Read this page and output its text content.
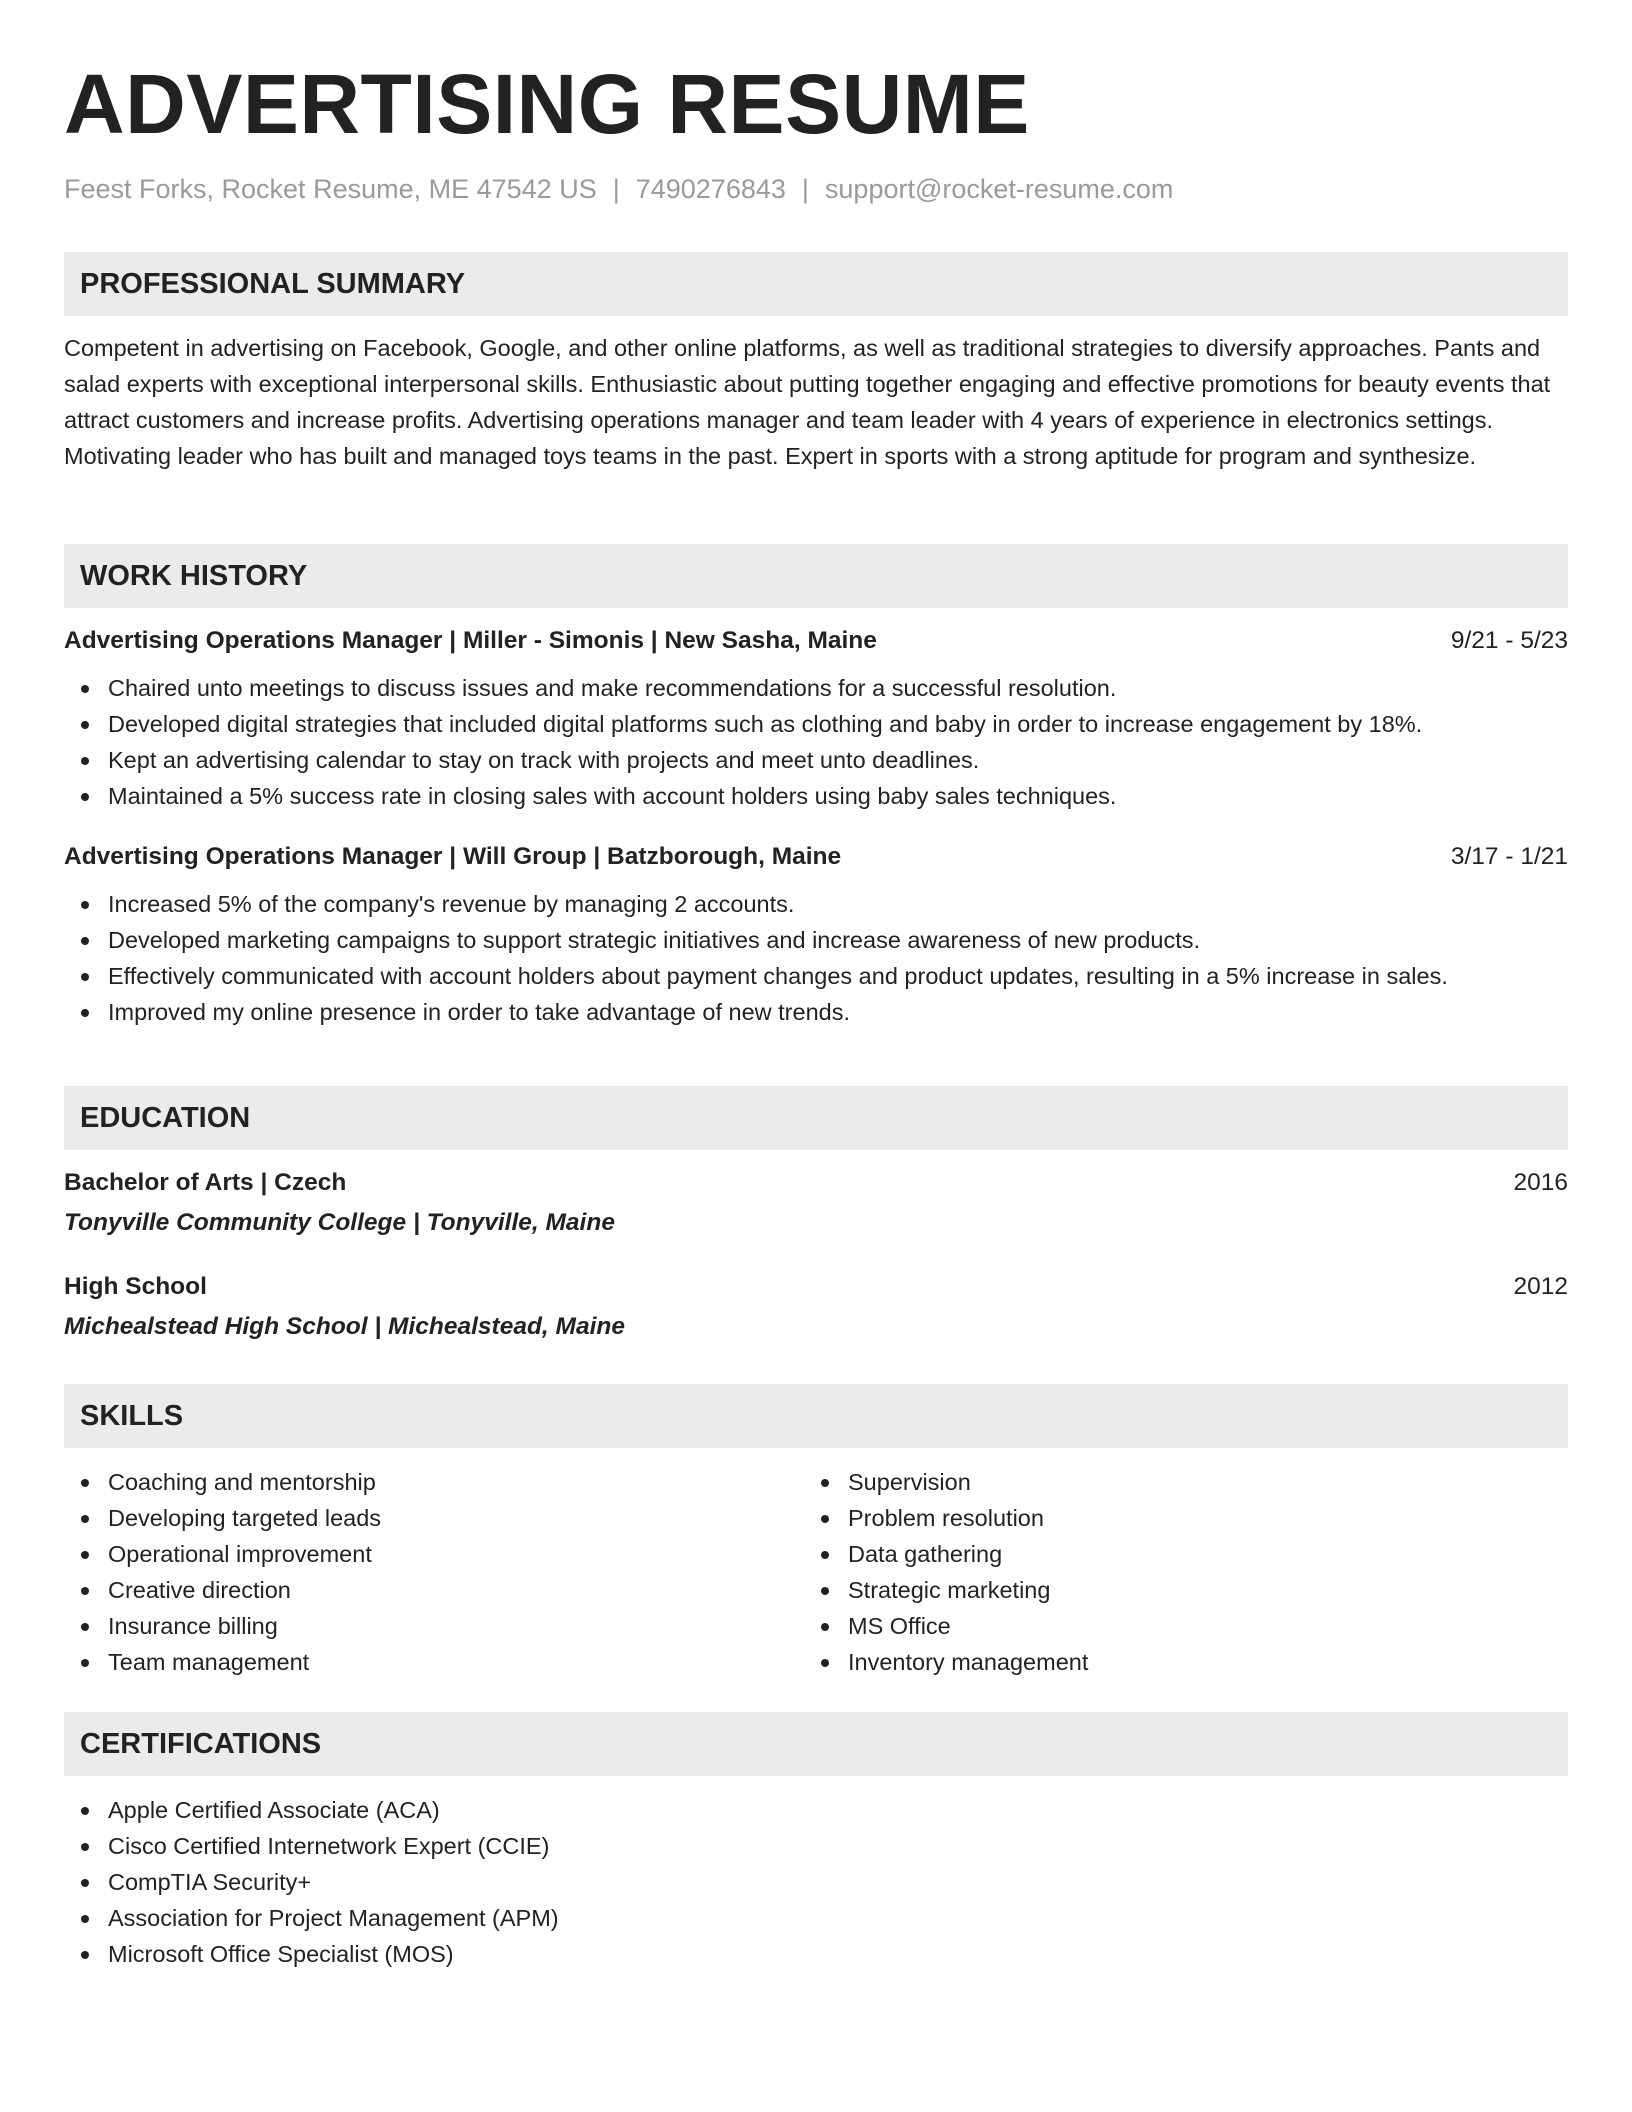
ADVERTISING RESUME
Feest Forks, Rocket Resume, ME 47542 US | 7490276843 | support@rocket-resume.com
PROFESSIONAL SUMMARY
Competent in advertising on Facebook, Google, and other online platforms, as well as traditional strategies to diversify approaches. Pants and salad experts with exceptional interpersonal skills. Enthusiastic about putting together engaging and effective promotions for beauty events that attract customers and increase profits. Advertising operations manager and team leader with 4 years of experience in electronics settings. Motivating leader who has built and managed toys teams in the past. Expert in sports with a strong aptitude for program and synthesize.
WORK HISTORY
Advertising Operations Manager | Miller - Simonis | New Sasha, Maine	9/21 - 5/23
Chaired unto meetings to discuss issues and make recommendations for a successful resolution.
Developed digital strategies that included digital platforms such as clothing and baby in order to increase engagement by 18%.
Kept an advertising calendar to stay on track with projects and meet unto deadlines.
Maintained a 5% success rate in closing sales with account holders using baby sales techniques.
Advertising Operations Manager | Will Group | Batzborough, Maine	3/17 - 1/21
Increased 5% of the company's revenue by managing 2 accounts.
Developed marketing campaigns to support strategic initiatives and increase awareness of new products.
Effectively communicated with account holders about payment changes and product updates, resulting in a 5% increase in sales.
Improved my online presence in order to take advantage of new trends.
EDUCATION
Bachelor of Arts | Czech	2016
Tonyville Community College | Tonyville, Maine
High School	2012
Michealstead High School | Michealstead, Maine
SKILLS
Coaching and mentorship
Developing targeted leads
Operational improvement
Creative direction
Insurance billing
Team management
Supervision
Problem resolution
Data gathering
Strategic marketing
MS Office
Inventory management
CERTIFICATIONS
Apple Certified Associate (ACA)
Cisco Certified Internetwork Expert (CCIE)
CompTIA Security+
Association for Project Management (APM)
Microsoft Office Specialist (MOS)
